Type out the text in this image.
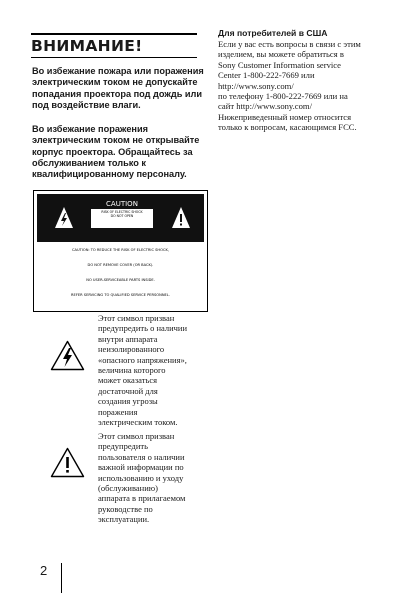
ВНИМАНИЕ!

Во избежание пожара или поражения электрическим током не допускайте попадания проектора под дождь или под воздействие влаги.

Во избежание поражения электрическим током не открывайте корпус проектора. Обращайтесь за обслуживанием только к квалифицированному персоналу.

Для потребителей в США

Если у вас есть вопросы в связи с этим
изделием, вы можете обратиться в
Sony Customer Information service
Center 1-800-222-7669 или
http://www.sony.com/
по телефону 1-800-222-7669 или на
сайт http://www.sony.com/
Нижеприведенный номер относится
только к вопросам, касающимся FCC.

CAUTION
RISK OF ELECTRIC SHOCK
DO NOT OPEN
CAUTION: TO REDUCE THE RISK OF ELECTRIC SHOCK,
DO NOT REMOVE COVER (OR BACK).
NO USER-SERVICEABLE PARTS INSIDE.
REFER SERVICING TO QUALIFIED SERVICE PERSONNEL.

Этот символ призван
предупредить о наличии
внутри аппарата
неизолированного
«опасного напряжения»,
величина которого
может оказаться
достаточной для
создания угрозы
поражения
электрическим током.

Этот символ призван
предупредить
пользователя о наличии
важной информации по
использованию и уходу
(обслуживанию)
аппарата в прилагаемом
руководстве по
эксплуатации.

2
